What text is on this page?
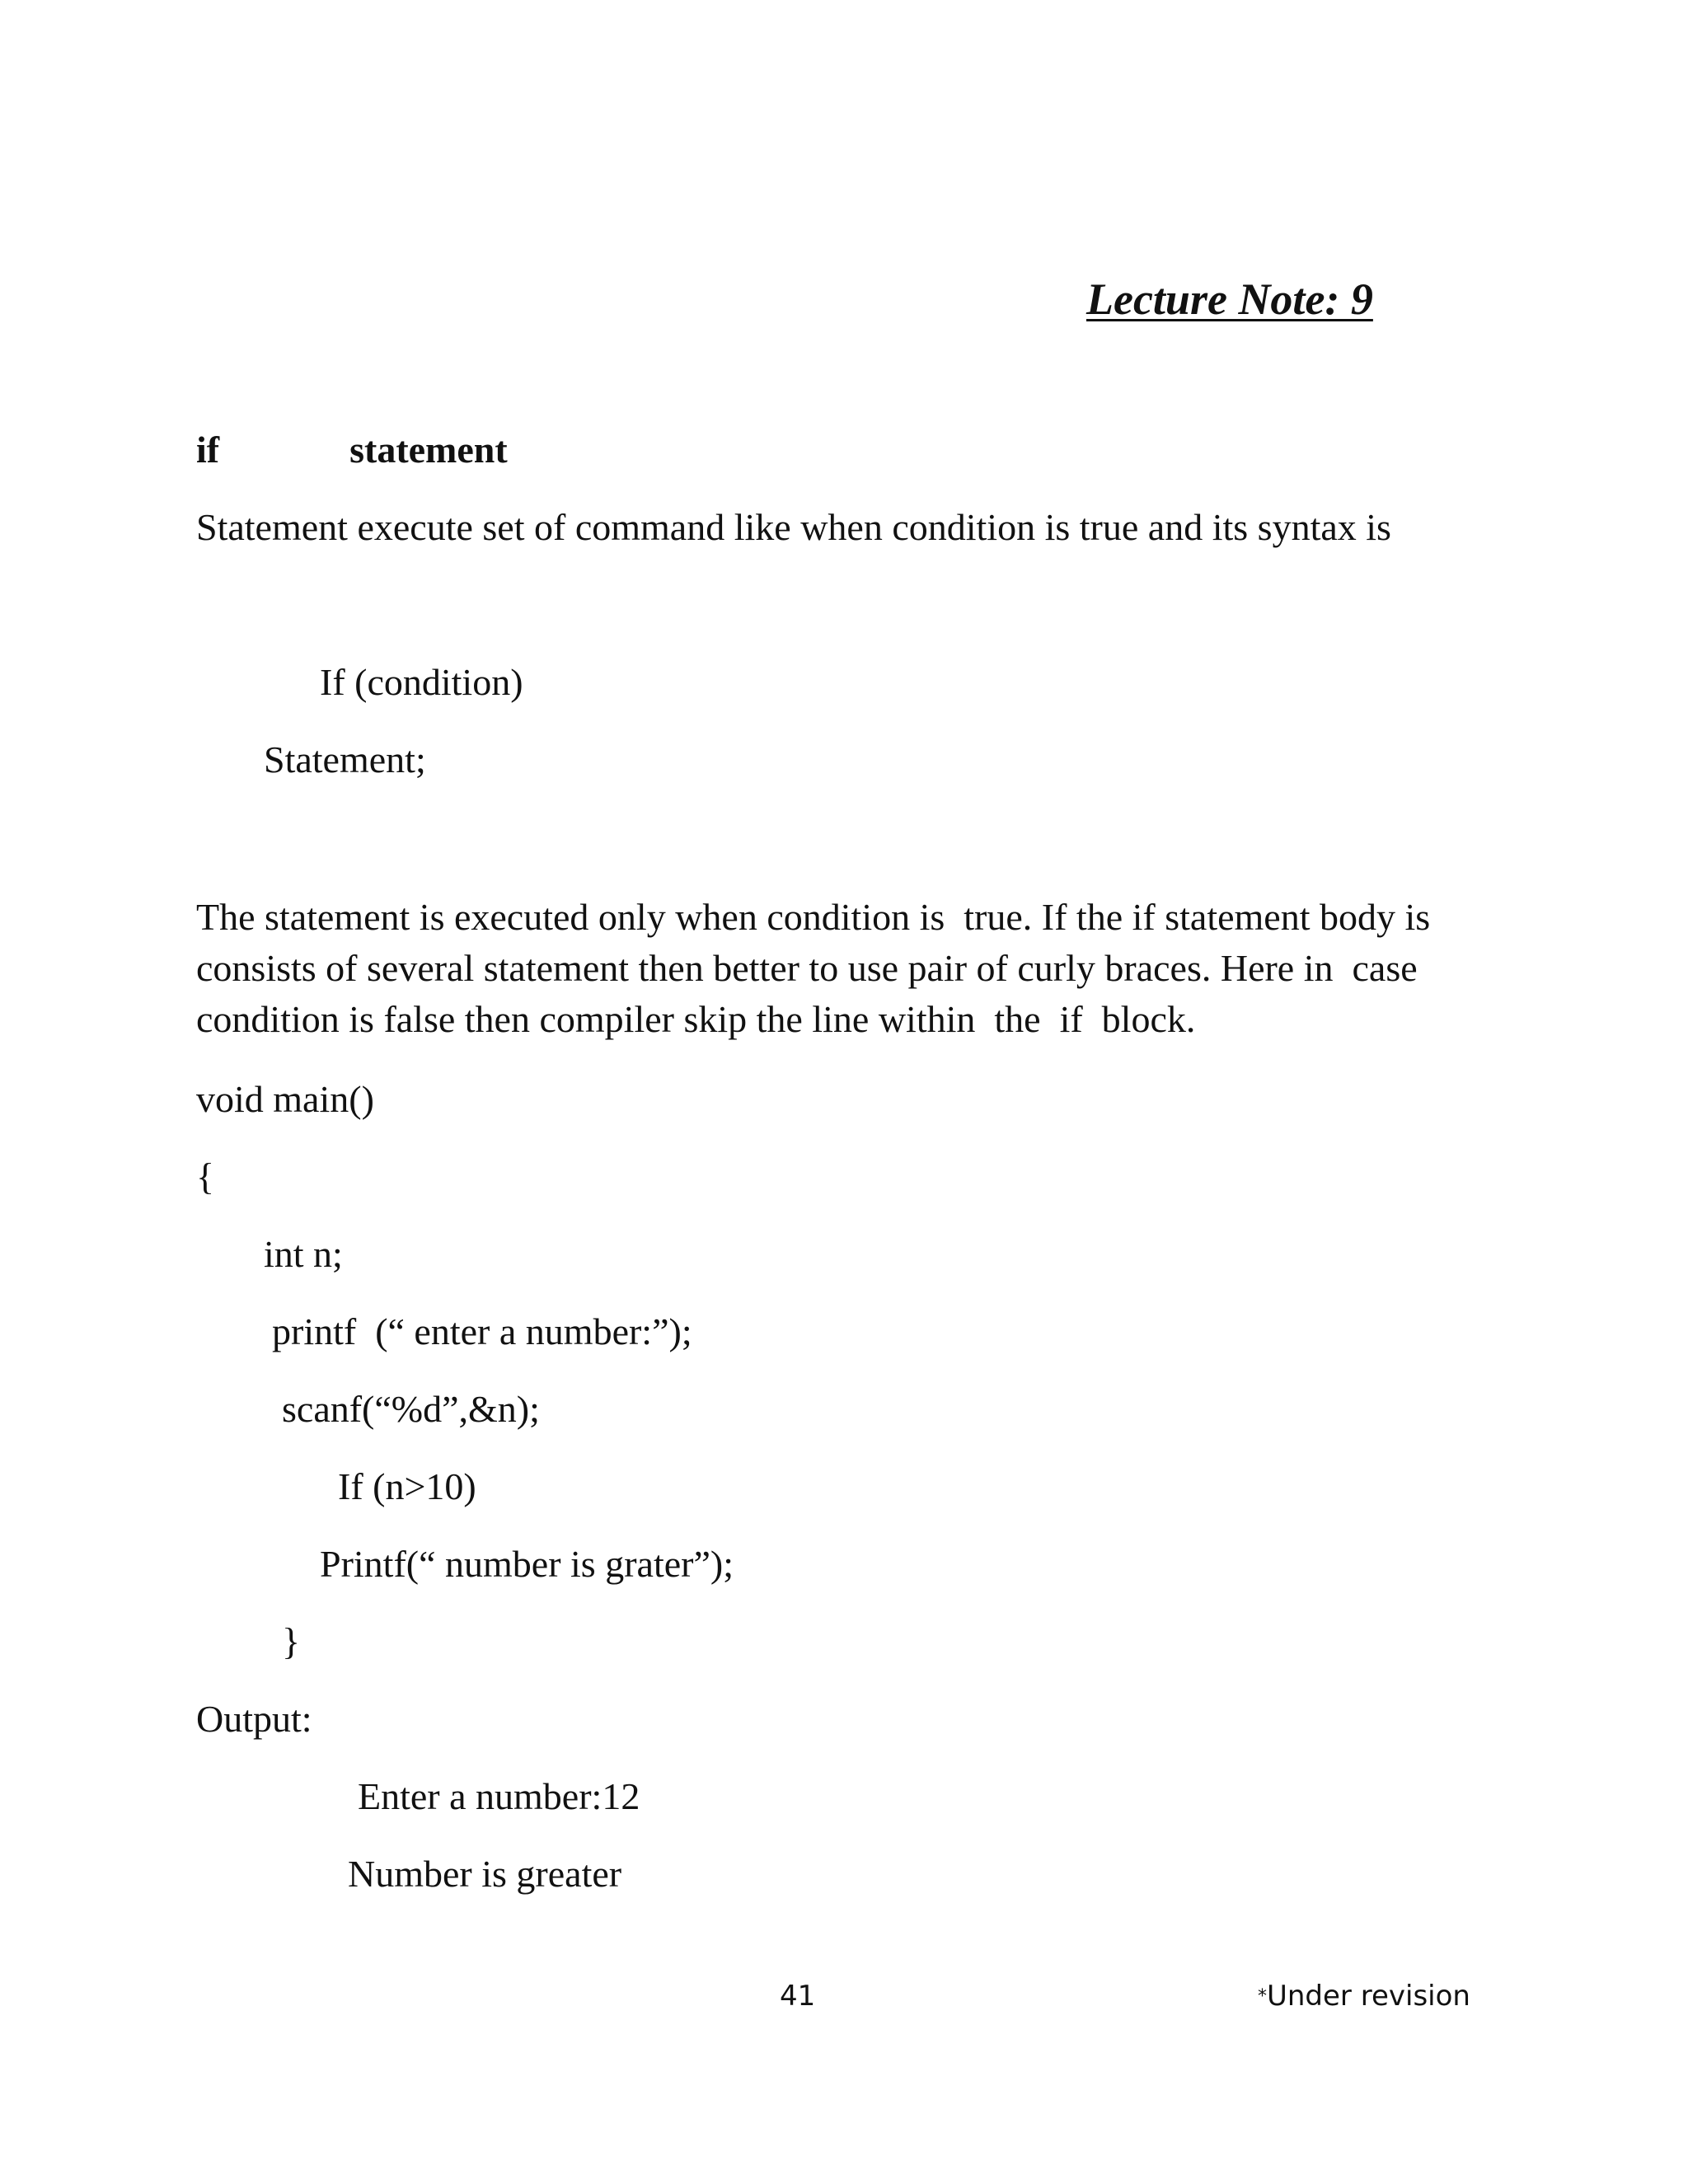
Lecture Note: 9
if    statement
Statement execute set of command like when condition is true and its syntax is
If (condition)
Statement;
The statement is executed only when condition is  true. If the if statement body is
consists of several statement then better to use pair of curly braces. Here in  case
condition is false then compiler skip the line within  the  if  block.
void main()
{
int n;
printf  (“ enter a number:”);
scanf(“%d”,&n);
If (n>10)
Printf(“ number is grater”);
}
Output:
Enter a number:12
Number is greater
41	*Under revision
